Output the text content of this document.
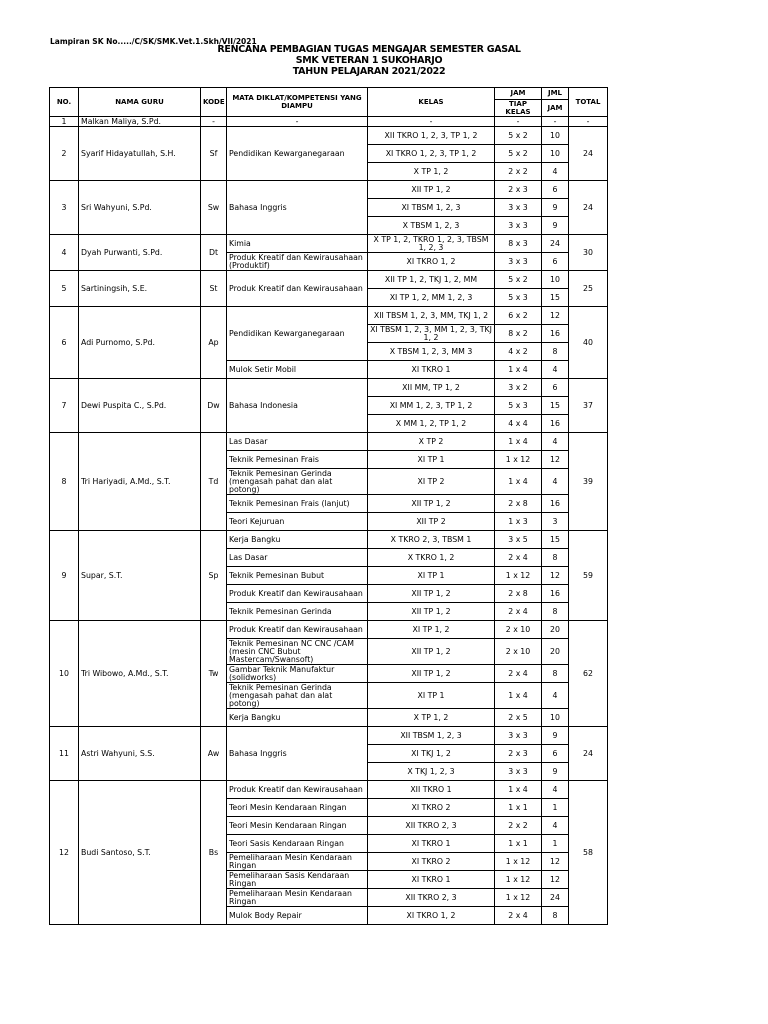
Lampiran SK No...../C/SK/SMK.Vet.1.Skh/VII/2021
RENCANA PEMBAGIAN TUGAS MENGAJAR SEMESTER GASAL
SMK VETERAN 1 SUKOHARJO
TAHUN PELAJARAN 2021/2022
NO.	NAMA GURU	KODE	MATA DIKLAT/KOMPETENSI YANG DIAMPU	KELAS	JAM	JML	TOTAL
					TIAP KELAS	JAM	
1	Malkan Maliya, S.Pd.	-	-	-	-	-	-
2	Syarif Hidayatullah, S.H.	Sf	Pendidikan Kewarganegaraan	XII TKRO 1, 2, 3, TP 1, 2	5 x 2	10	24
				XI TKRO 1, 2, 3, TP 1, 2	5 x 2	10	
				X TP 1, 2	2 x 2	4	
3	Sri Wahyuni, S.Pd.	Sw	Bahasa Inggris	XII TP 1, 2	2 x 3	6	24
				XI TBSM 1, 2, 3	3 x 3	9	
				X TBSM 1, 2, 3	3 x 3	9	
4	Dyah Purwanti, S.Pd.	Dt	Kimia	X TP 1, 2, TKRO 1, 2, 3, TBSM 1, 2, 3	8 x 3	24	30
			Produk Kreatif dan Kewirausahaan (Produktif)	XI TKRO 1, 2	3 x 3	6	
5	Sartiningsih, S.E.	St	Produk Kreatif dan Kewirausahaan	XII TP 1, 2, TKJ 1, 2, MM	5 x 2	10	25
				XI TP 1, 2, MM 1, 2, 3	5 x 3	15	
6	Adi Purnomo, S.Pd.	Ap	Pendidikan Kewarganegaraan	XII TBSM 1, 2, 3, MM, TKJ 1, 2	6 x 2	12	40
				XI TBSM 1, 2, 3, MM 1, 2, 3, TKJ 1, 2	8 x 2	16	
				X TBSM 1, 2, 3, MM 3	4 x 2	8	
			Mulok Setir Mobil	XI TKRO 1	1 x 4	4	
7	Dewi Puspita C., S.Pd.	Dw	Bahasa Indonesia	XII MM, TP 1, 2	3 x 2	6	37
				XI MM 1, 2, 3, TP 1, 2	5 x 3	15	
				X MM 1, 2, TP 1, 2	4 x 4	16	
8	Tri Hariyadi, A.Md., S.T.	Td	Las Dasar	X TP 2	1 x 4	4	39
			Teknik Pemesinan Frais	XI TP 1	1 x 12	12	
			Teknik Pemesinan Gerinda (mengasah pahat dan alat potong)	XI TP 2	1 x 4	4	
			Teknik Pemesinan Frais (lanjut)	XII TP 1, 2	2 x 8	16	
			Teori Kejuruan	XII TP 2	1 x 3	3	
9	Supar, S.T.	Sp	Kerja Bangku	X TKRO 2, 3, TBSM 1	3 x 5	15	59
			Las Dasar	X TKRO 1, 2	2 x 4	8	
			Teknik Pemesinan Bubut	XI TP 1	1 x 12	12	
			Produk Kreatif dan Kewirausahaan	XII TP 1, 2	2 x 8	16	
			Teknik Pemesinan Gerinda	XII TP 1, 2	2 x 4	8	
10	Tri Wibowo, A.Md., S.T.	Tw	Produk Kreatif dan Kewirausahaan	XI TP 1, 2	2 x 10	20	62
			Teknik Pemesinan NC CNC /CAM (mesin CNC Bubut Mastercam/Swansoft)	XII TP 1, 2	2 x 10	20	
			Gambar Teknik Manufaktur (solidworks)	XII TP 1, 2	2 x 4	8	
			Teknik Pemesinan Gerinda (mengasah pahat dan alat potong)	XI TP 1	1 x 4	4	
			Kerja Bangku	X TP 1, 2	2 x 5	10	
11	Astri Wahyuni, S.S.	Aw	Bahasa Inggris	XII TBSM 1, 2, 3	3 x 3	9	24
				XI TKJ 1, 2	2 x 3	6	
				X TKJ 1, 2, 3	3 x 3	9	
12	Budi Santoso, S.T.	Bs	Produk Kreatif dan Kewirausahaan	XII TKRO 1	1 x 4	4	58
			Teori Mesin Kendaraan Ringan	XI TKRO 2	1 x 1	1	
			Teori Mesin Kendaraan Ringan	XII TKRO 2, 3	2 x 2	4	
			Teori Sasis Kendaraan Ringan	XI TKRO 1	1 x 1	1	
			Pemeliharaan Mesin Kendaraan Ringan	XI TKRO 2	1 x 12	12	
			Pemeliharaan Sasis Kendaraan Ringan	XI TKRO 1	1 x 12	12	
			Pemeliharaan Mesin Kendaraan Ringan	XII TKRO 2, 3	1 x 12	24	
			Mulok Body Repair	XI TKRO 1, 2	2 x 4	8	
